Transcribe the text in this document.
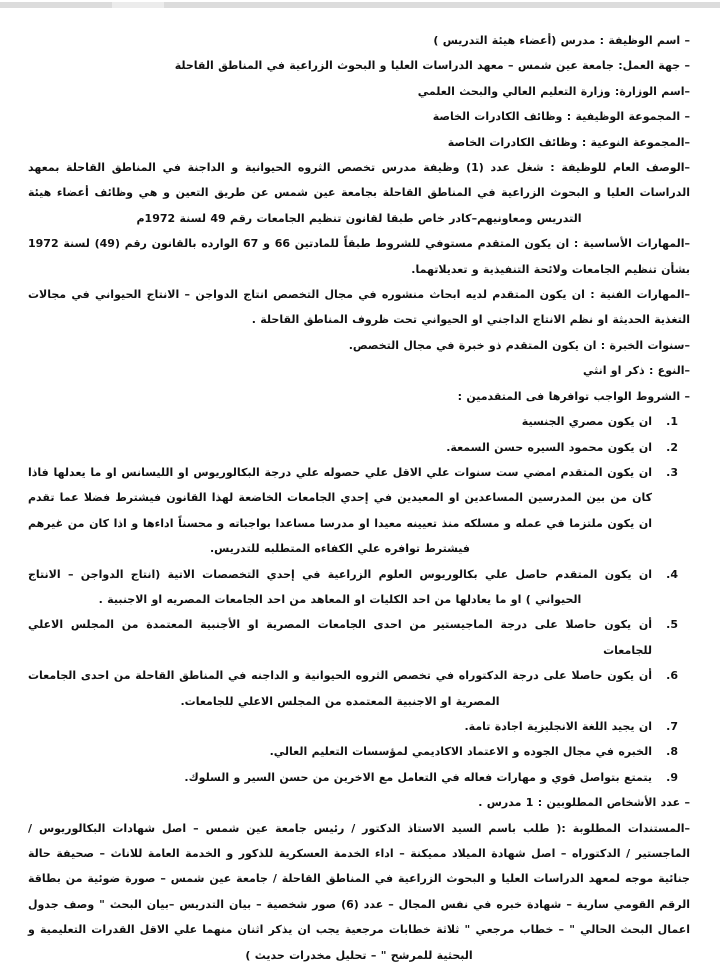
– اسم الوظيفة : مدرس (أعضاء هيئة التدريس )

– جهة العمل: جامعة عين شمس – معهد الدراسات العليا و البحوث الزراعية في المناطق القاحلة

–اسم الوزارة: وزارة التعليم العالي والبحث العلمي

– المجموعة الوظيفية : وظائف الكادرات الخاصة

–المجموعة النوعية : وظائف الكادرات الخاصة

–الوصف العام للوظيفة : شغل عدد (1) وظيفة مدرس تخصص الثروه الحيوانية و الداجنة في المناطق القاحلة بمعهد الدراسات العليا و البحوث الزراعية في المناطق القاحلة بجامعة عين شمس عن طريق التعين و هي وظائف أعضاء هيئة التدريس ومعاونيهم–كادر خاص طبقا لقانون تنظيم الجامعات رقم 49 لسنة 1972م

–المهارات الأساسية : ان يكون المتقدم مستوفي للشروط طبقاً للمادتين 66 و 67 الوارده بالقانون رقم (49) لسنة 1972 بشأن تنظيم الجامعات ولائحة التنفيذية و تعديلاتهما.

–المهارات الفنية : ان يكون المتقدم لديه ابحاث منشوره في مجال التخصص انتاج الدواجن – الانتاج الحيواني في مجالات التغذية الحديثة او نظم الانتاج الداجني او الحيواني تحت ظروف المناطق القاحلة .

–سنوات الخبرة : ان يكون المتقدم ذو خبرة في مجال التخصص.

–النوع : ذكر او انثي

– الشروط الواجب توافرها فى المتقدمين :

1.
ان يكون مصري الجنسية
2.
ان يكون محمود السيره حسن السمعة.
3.
ان يكون المتقدم امضي ست سنوات علي الاقل علي حصوله علي درجة البكالوريوس او الليسانس او ما يعدلها فاذا كان من بين المدرسين المساعدين او المعيدين في إحدي الجامعات الخاضعة لهذا القانون فيشترط فضلا عما تقدم ان يكون ملتزما في عمله و مسلكه منذ تعيينه معيدا او مدرسا مساعدا بواجباته و محسناً اداءها و اذا كان من غيرهم فيشترط توافره علي الكفاءه المتطلبه للتدريس.
4.
ان يكون المتقدم حاصل علي بكالوريوس العلوم الزراعية في إحدي التخصصات الاتية (انتاج الدواجن – الانتاج الحيواني ) او ما يعادلها من احد الكليات او المعاهد من احد الجامعات المصريه او الاجنبية .
5.
أن يكون حاصلا على درجة الماجيستير من احدى الجامعات المصرية او الأجنبية المعتمدة من المجلس الاعلي للجامعات
6.
أن يكون حاصلا على درجة الدكتوراه في تخصص الثروه الحيوانية و الداجنه في المناطق القاحلة من احدى الجامعات المصرية او الاجنبية المعتمده من المجلس الاعلي للجامعات.
7.
ان يجيد اللغة الانجليزية اجادة تامة.
8.
الخبره في مجال الجوده و الاعتماد الاكاديمي لمؤسسات التعليم العالي.
9.
يتمتع بتواصل قوي و مهارات فعاله في التعامل مع الاخرين من حسن السير و السلوك.

– عدد الأشخاص المطلوبين : 1 مدرس .

–المستندات المطلوبة :( طلب باسم السيد الاستاذ الدكتور / رئيس جامعة عين شمس – اصل شهادات البكالوريوس / الماجستير / الدكتوراه – اصل شهادة الميلاد مميكنة – اداء الخدمة العسكرية للذكور و الخدمة العامة للاناث – صحيفة حالة جنائية موجه لمعهد الدراسات العليا و البحوث الزراعية في المناطق القاحلة / جامعة عين شمس – صورة ضوئية من بطاقة الرقم القومي سارية – شهادة خبره في نفس المجال – عدد (6) صور شخصية – بيان التدريس –بيان البحث " وصف جدول اعمال البحث الحالي " – خطاب مرجعي " ثلاثة خطابات مرجعية يجب ان يذكر اثنان منهما علي الاقل القدرات التعليمية و البحثية للمرشح " – تحليل مخدرات حديث )
